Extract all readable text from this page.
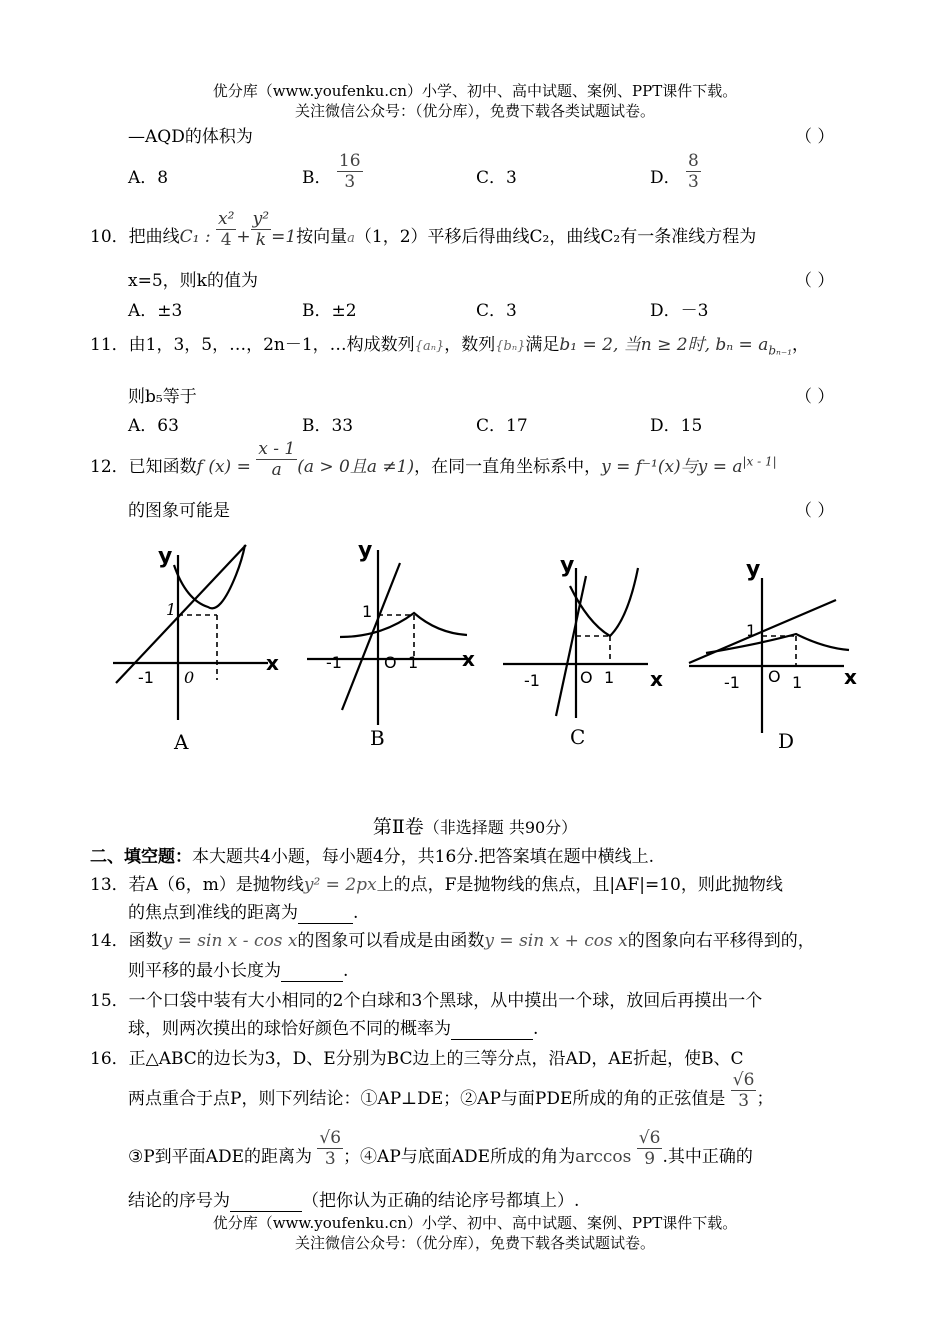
优分库（www.youfenku.cn）小学、初中、高中试题、案例、PPT课件下载。
关注微信公众号：（优分库），免费下载各类试题试卷。
—AQD的体积为	（ ）
A．8	B． $\frac{16}{3}$	C．3	D． $\frac{8}{3}$
10．把曲线C₁ : $\frac{\text{x²}}{4} + \frac{\text{y²}}{k} =1$按向量a（1，2）平移后得曲线C₂，曲线C₂有一条准线方程为
x=5，则k的值为	（ ）
A．±3	B．±2	C．3	D．－3
11．由1，3，5，…，2n－1，…构成数列{aₙ}，数列{bₙ}满足b₁ = 2, 当n ≥ 2时, $b_n = a_{b_{n-1}}$，
则b₅等于	（ ）
A．63	B．33	C．17	D．15
12．已知函数f $(x) = \frac{x - 1}{a} (a > 0$且a ≠1)，在同一直角坐标系中，y = f⁻¹(x)与$y = a^{|x - 1|}$
的图象可能是	（ ）
y
x
1
0
-1
A
y
x
1
O 1
-1
B
y
x
O 1
-1
C
y
x
1
O 1
-1
D
第Ⅱ卷（非选择题 共90分）
二、填空题：本大题共4小题，每小题4分，共16分.把答案填在题中横线上.
13．若A（6，m）是抛物线y² = 2px上的点，F是抛物线的焦点，且|AF|=10，则此抛物线
的焦点到准线的距离为	.
14．函数y = sin x - cos x的图象可以看成是由函数y = sin x + cos x的图象向右平移得到的，
则平移的最小长度为	.
15．一个口袋中装有大小相同的2个白球和3个黑球，从中摸出一个球，放回后再摸出一个
球，则两次摸出的球恰好颜色不同的概率为	.
16．正△ABC的边长为3，D、E分别为BC边上的三等分点，沿AD，AE折起，使B、C
两点重合于点P，则下列结论：①AP⊥DE；②AP与面PDE所成的角的正弦值是 $\frac{√6}{3}$ ；
③P到平面ADE的距离为 $\frac{√6}{3}$ ；④AP与底面ADE所成的角为$\arccos \frac{√6}{9}$ .其中正确的
结论的序号为	（把你认为正确的结论序号都填上）.
优分库（www.youfenku.cn）小学、初中、高中试题、案例、PPT课件下载。
关注微信公众号：（优分库），免费下载各类试题试卷。
